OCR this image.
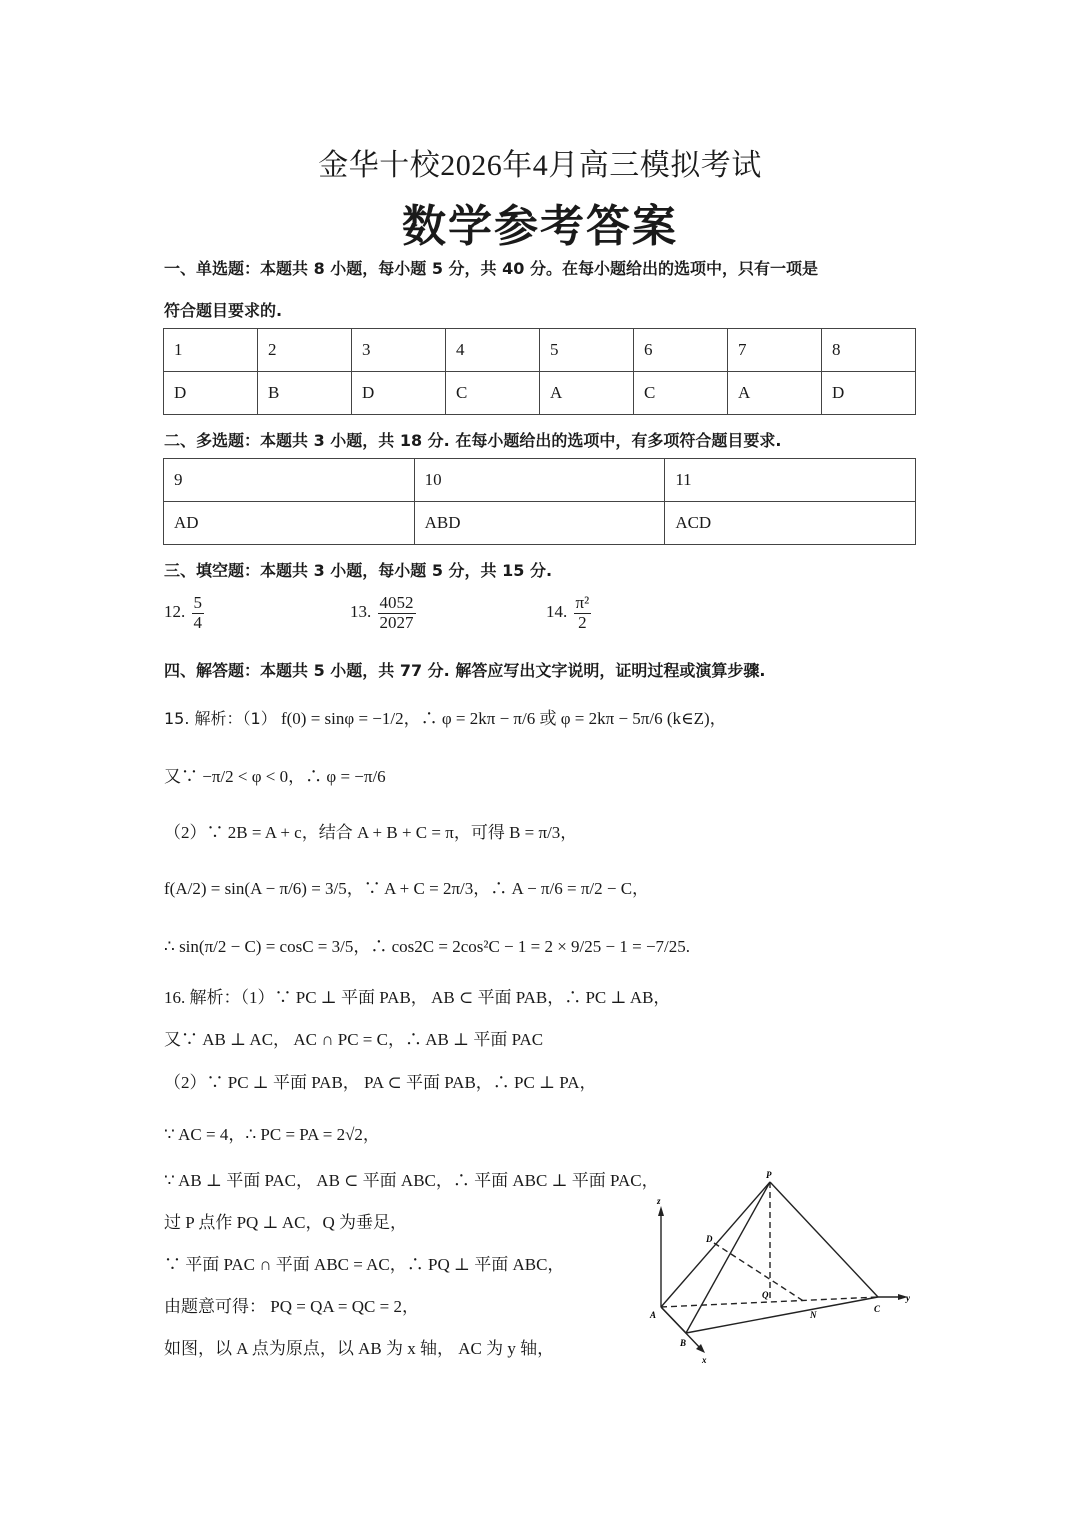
金华十校2026年4月高三模拟考试
数学参考答案
一、单选题：本题共 8 小题，每小题 5 分，共 40 分。在每小题给出的选项中，只有一项是
符合题目要求的.
1	2	3	4	5	6	7	8
D	B	D	C	A	C	A	D
二、多选题：本题共 3 小题，共 18 分. 在每小题给出的选项中，有多项符合题目要求.
9	10	11
AD	ABD	ACD
三、填空题：本题共 3 小题，每小题 5 分，共 15 分.
12. $\frac{5}{4}$	13. $\frac{4052}{2027}$	14. $\frac{\text{π²}}{2}$
四、解答题：本题共 5 小题，共 77 分. 解答应写出文字说明，证明过程或演算步骤.
15. 解析：（1） f(0) = sinφ = −1/2，∴ φ = 2kπ − π/6 或 φ = 2kπ − 5π/6 (k∈Z)，
又∵ −π/2 < φ < 0，∴ φ = −π/6
（2）∵ 2B = A + c，结合 A + B + C = π，可得 B = π/3，
f(A/2) = sin(A − π/6) = 3/5，∵ A + C = 2π/3，∴ A − π/6 = π/2 − C，
∴ sin(π/2 − C) = cosC = 3/5，∴ cos2C = 2cos²C − 1 = 2 × 9/25 − 1 = −7/25.
16. 解析：（1）∵ PC ⊥ 平面 PAB， AB ⊂ 平面 PAB，∴ PC ⊥ AB，
又∵ AB ⊥ AC， AC ∩ PC = C，∴ AB ⊥ 平面 PAC
（2）∵ PC ⊥ 平面 PAB， PA ⊂ 平面 PAB，∴ PC ⊥ PA，
∵ AC = 4，∴ PC = PA = 2√2，
∵ AB ⊥ 平面 PAC， AB ⊂ 平面 ABC，∴ 平面 ABC ⊥ 平面 PAC，
过 P 点作 PQ ⊥ AC，Q 为垂足，
∵ 平面 PAC ∩ 平面 ABC = AC，∴ PQ ⊥ 平面 ABC，
由题意可得： PQ = QA = QC = 2，
如图，以 A 点为原点，以 AB 为 x 轴， AC 为 y 轴，
P
A
B
C
D
Q
N
x
y
z
